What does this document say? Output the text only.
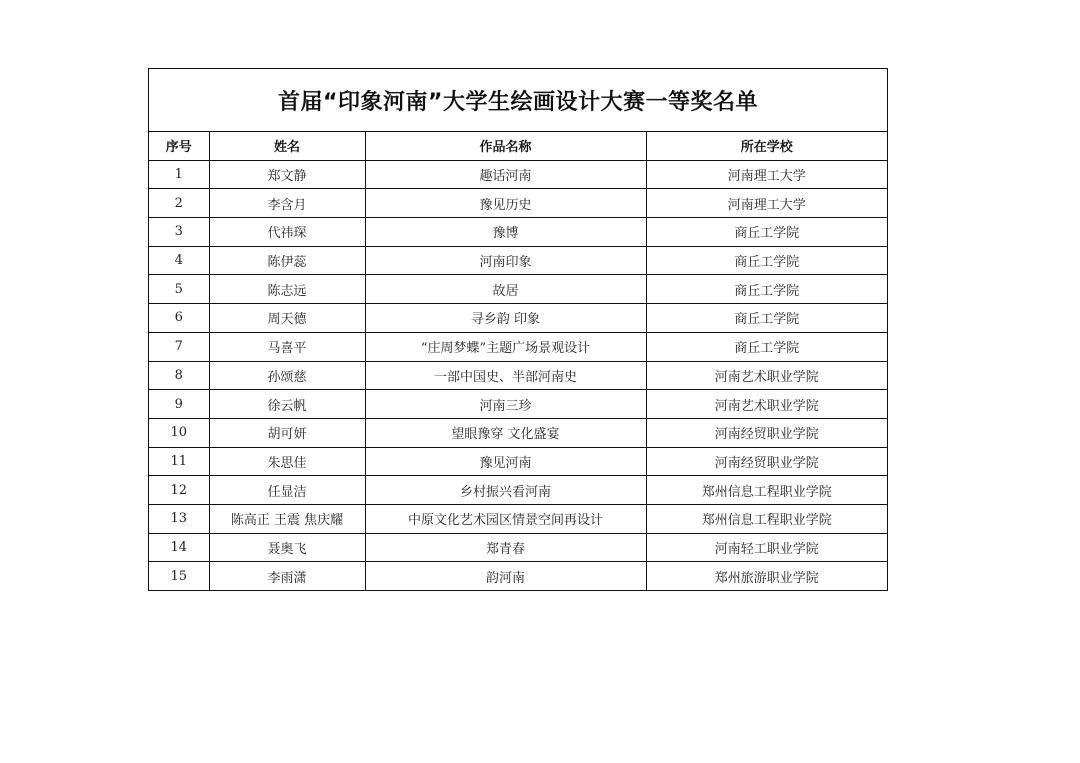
首届“印象河南”大学生绘画设计大赛一等奖名单
序号	姓名	作品名称	所在学校
1	郑文静	趣话河南	河南理工大学
2	李含月	豫见历史	河南理工大学
3	代祎琛	豫博	商丘工学院
4	陈伊蕊	河南印象	商丘工学院
5	陈志远	故居	商丘工学院
6	周天德	寻乡韵 印象	商丘工学院
7	马喜平	“庄周梦蝶”主题广场景观设计	商丘工学院
8	孙颂慈	一部中国史、半部河南史	河南艺术职业学院
9	徐云帆	河南三珍	河南艺术职业学院
10	胡可妍	望眼豫穿 文化盛宴	河南经贸职业学院
11	朱思佳	豫见河南	河南经贸职业学院
12	任显洁	乡村振兴看河南	郑州信息工程职业学院
13	陈高正 王震 焦庆耀	中原文化艺术园区情景空间再设计	郑州信息工程职业学院
14	聂奥飞	郑青春	河南轻工职业学院
15	李雨潇	韵河南	郑州旅游职业学院
